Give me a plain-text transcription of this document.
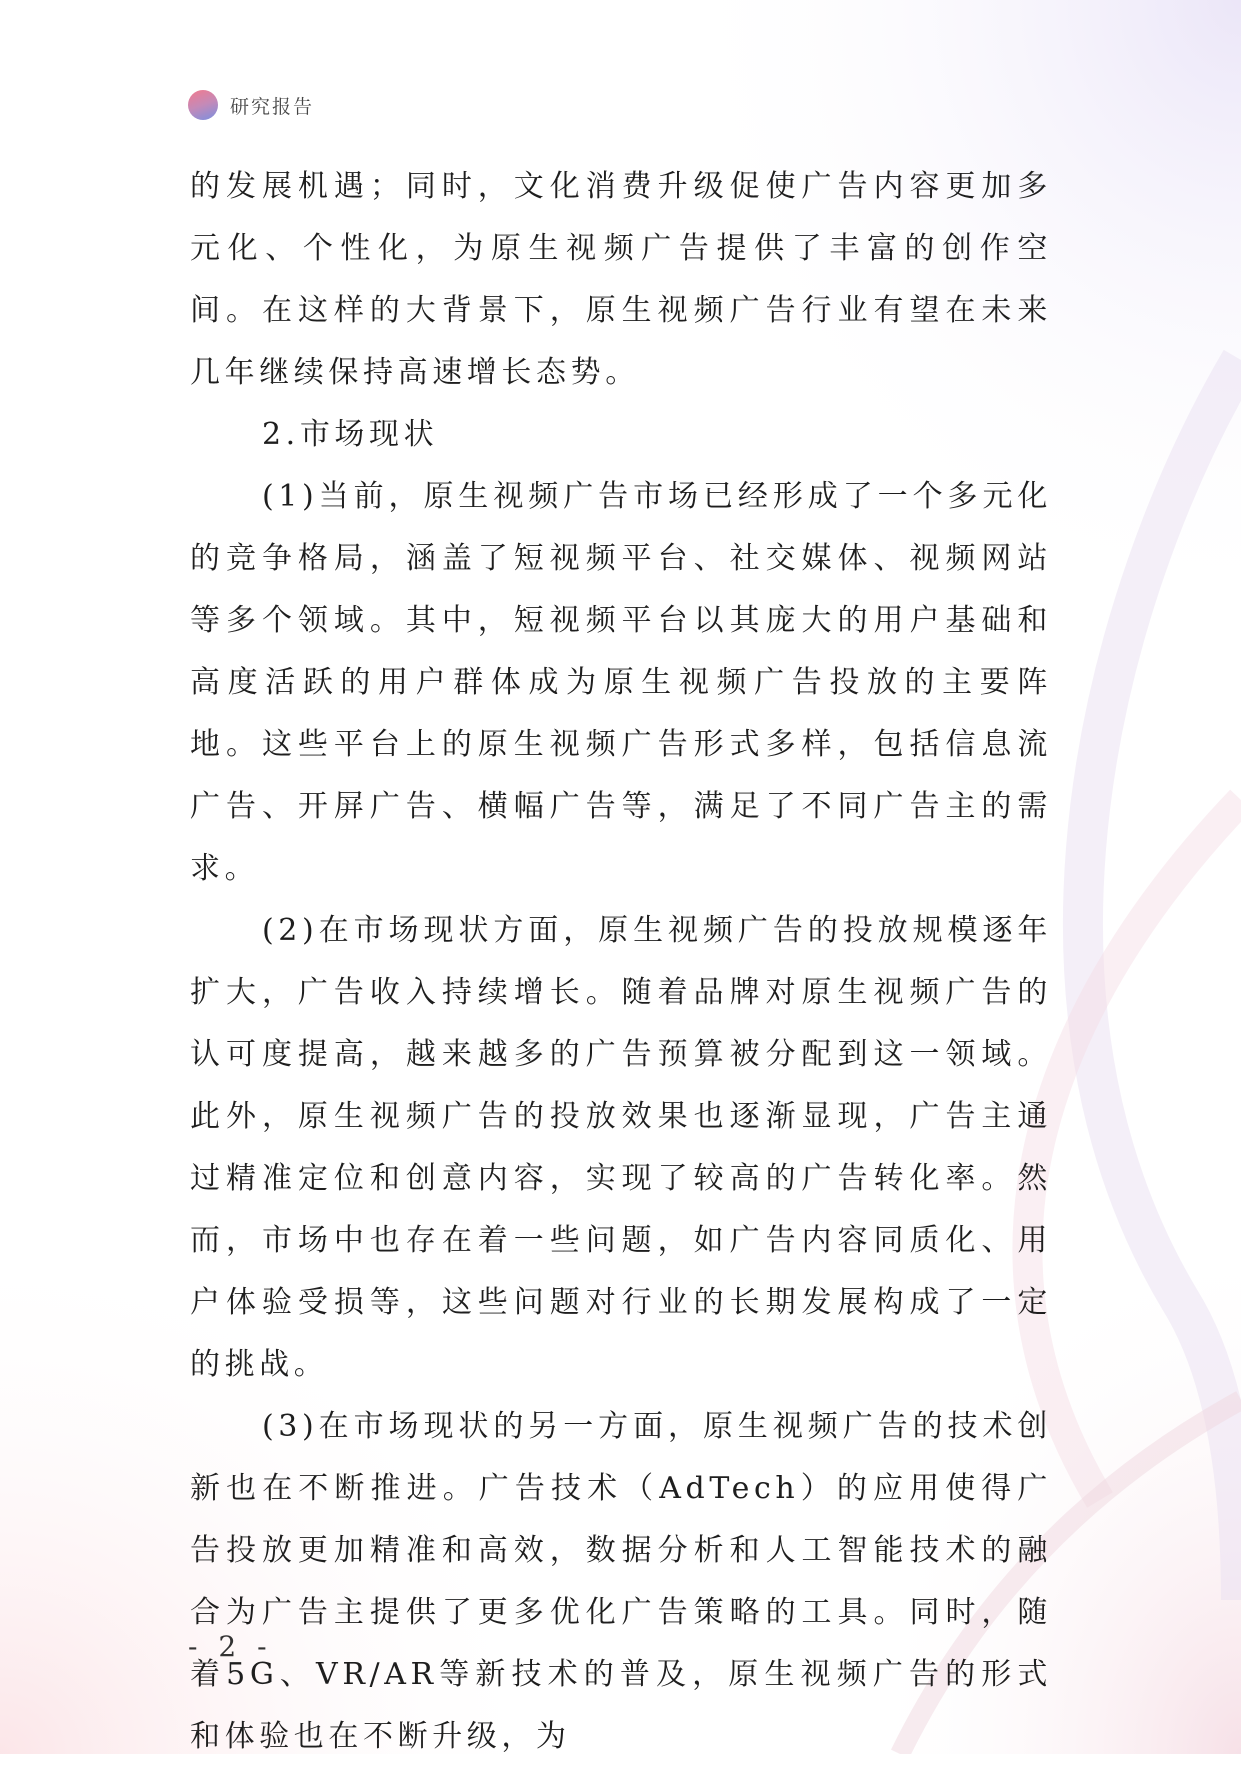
研究报告

的发展机遇；同时，文化消费升级促使广告内容更加多元化、个性化，为原生视频广告提供了丰富的创作空间。在这样的大背景下，原生视频广告行业有望在未来几年继续保持高速增长态势。

2.市场现状

(1)当前，原生视频广告市场已经形成了一个多元化的竞争格局，涵盖了短视频平台、社交媒体、视频网站等多个领域。其中，短视频平台以其庞大的用户基础和高度活跃的用户群体成为原生视频广告投放的主要阵地。这些平台上的原生视频广告形式多样，包括信息流广告、开屏广告、横幅广告等，满足了不同广告主的需求。

(2)在市场现状方面，原生视频广告的投放规模逐年扩大，广告收入持续增长。随着品牌对原生视频广告的认可度提高，越来越多的广告预算被分配到这一领域。此外，原生视频广告的投放效果也逐渐显现，广告主通过精准定位和创意内容，实现了较高的广告转化率。然而，市场中也存在着一些问题，如广告内容同质化、用户体验受损等，这些问题对行业的长期发展构成了一定的挑战。

(3)在市场现状的另一方面，原生视频广告的技术创新也在不断推进。广告技术（AdTech）的应用使得广告投放更加精准和高效，数据分析和人工智能技术的融合为广告主提供了更多优化广告策略的工具。同时，随着5G、VR/AR等新技术的普及，原生视频广告的形式和体验也在不断升级，为

- 2 -
